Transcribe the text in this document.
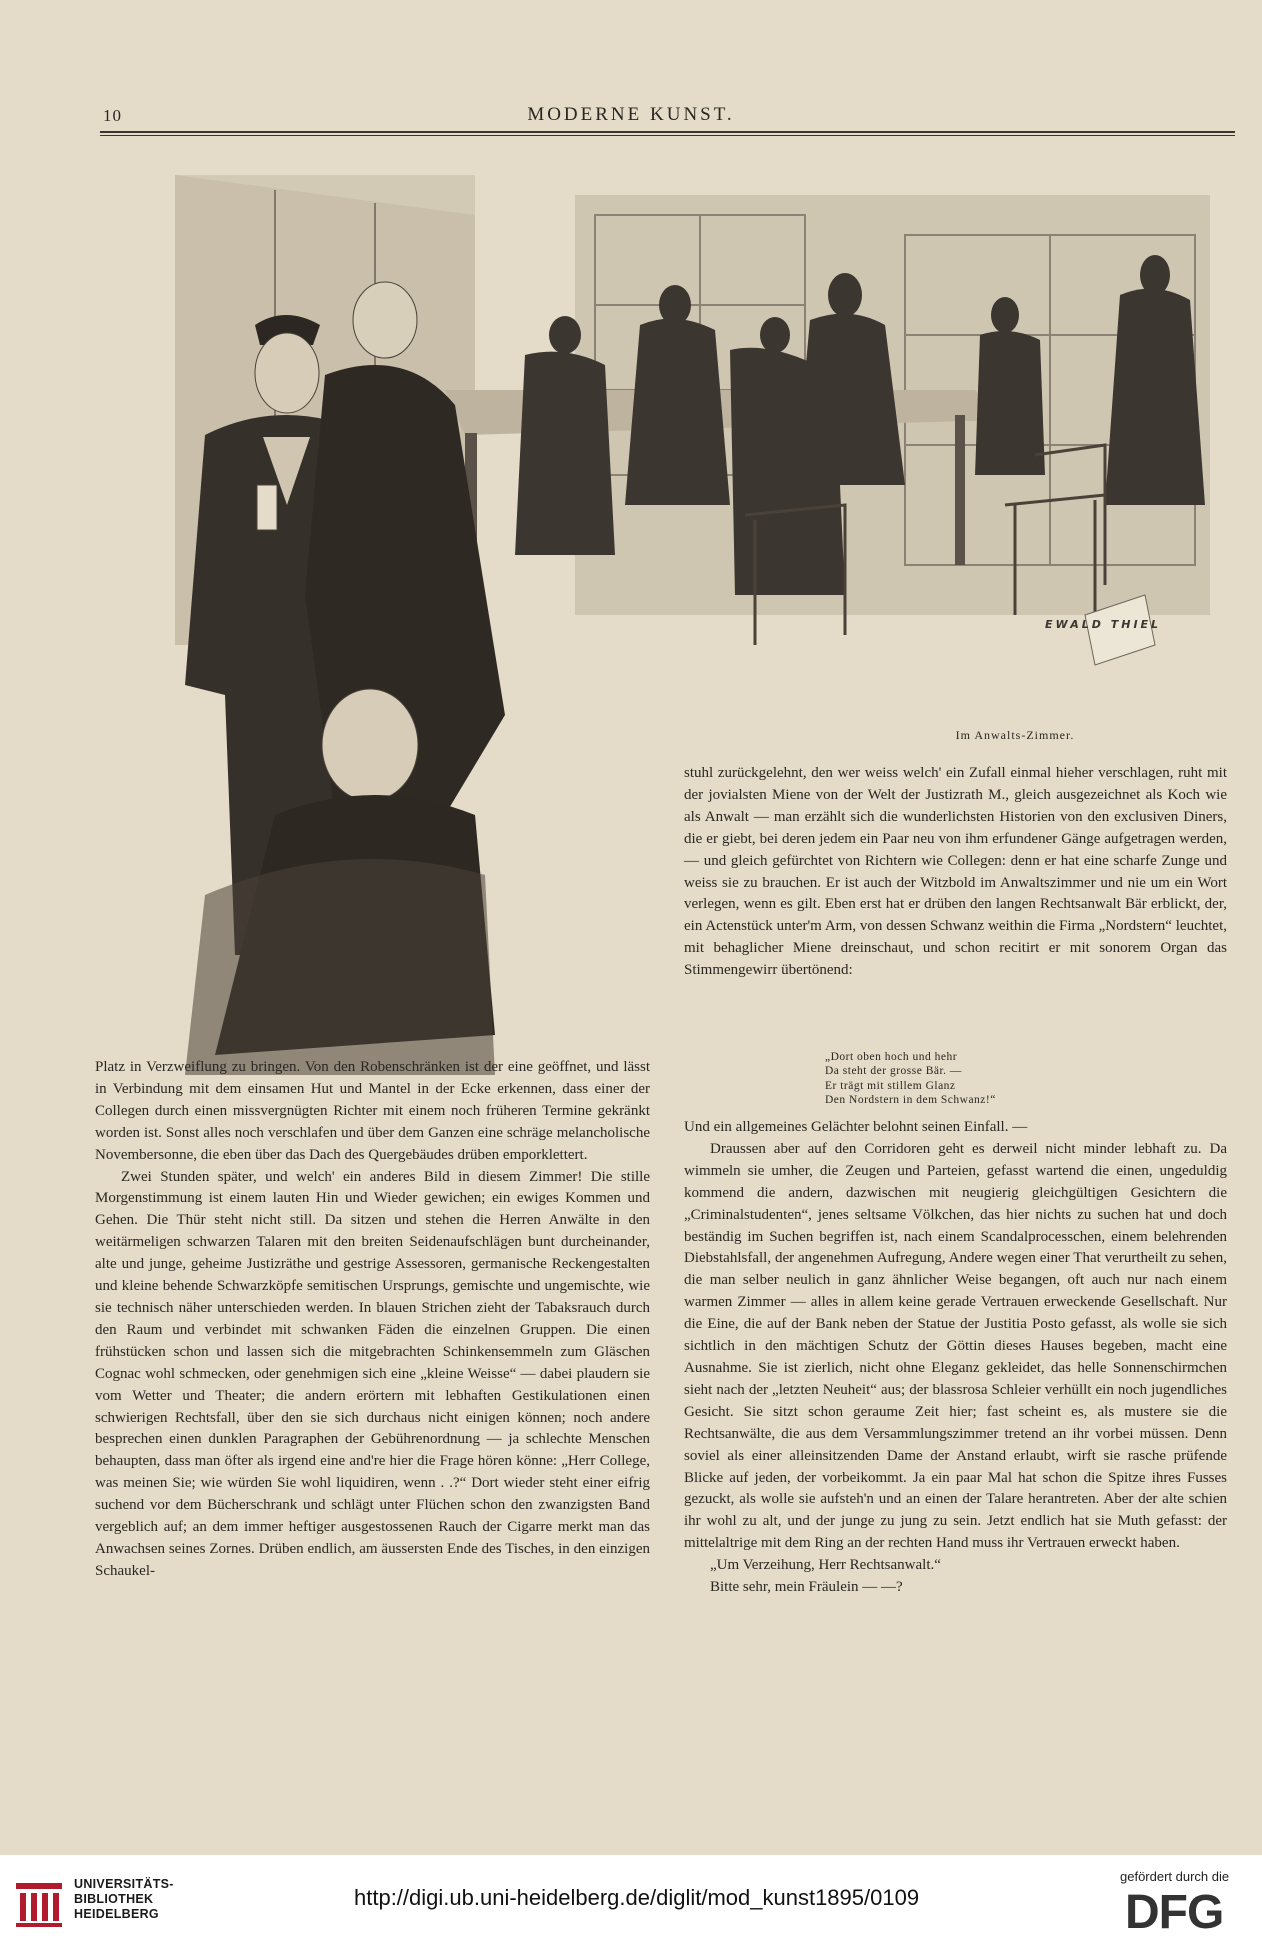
10	MODERNE KUNST.
EWALD THIEL
Im Anwalts-Zimmer.

Platz in Verzweiflung zu bringen. Von den Robenschränken ist der eine geöffnet, und lässt in Verbindung mit dem einsamen Hut und Mantel in der Ecke erkennen, dass einer der Collegen durch einen missvergnügten Richter mit einem noch früheren Termine gekränkt worden ist. Sonst alles noch verschlafen und über dem Ganzen eine schräge melancholische Novembersonne, die eben über das Dach des Quergebäudes drüben emporklettert.

Zwei Stunden später, und welch' ein anderes Bild in diesem Zimmer! Die stille Morgenstimmung ist einem lauten Hin und Wieder gewichen; ein ewiges Kommen und Gehen. Die Thür steht nicht still. Da sitzen und stehen die Herren Anwälte in den weitärmeligen schwarzen Talaren mit den breiten Seidenaufschlägen bunt durcheinander, alte und junge, geheime Justizräthe und gestrige Assessoren, germanische Reckengestalten und kleine behende Schwarzköpfe semitischen Ursprungs, gemischte und ungemischte, wie sie technisch näher unterschieden werden. In blauen Strichen zieht der Tabaksrauch durch den Raum und verbindet mit schwanken Fäden die einzelnen Gruppen. Die einen frühstücken schon und lassen sich die mitgebrachten Schinkensemmeln zum Gläschen Cognac wohl schmecken, oder genehmigen sich eine „kleine Weisse“ — dabei plaudern sie vom Wetter und Theater; die andern erörtern mit lebhaften Gestikulationen einen schwierigen Rechtsfall, über den sie sich durchaus nicht einigen können; noch andere besprechen einen dunklen Paragraphen der Gebührenordnung — ja schlechte Menschen behaupten, dass man öfter als irgend eine and're hier die Frage hören könne: „Herr College, was meinen Sie; wie würden Sie wohl liquidiren, wenn . .?“ Dort wieder steht einer eifrig suchend vor dem Bücherschrank und schlägt unter Flüchen schon den zwanzigsten Band vergeblich auf; an dem immer heftiger ausgestossenen Rauch der Cigarre merkt man das Anwachsen seines Zornes. Drüben endlich, am äussersten Ende des Tisches, in den einzigen Schaukel-

stuhl zurückgelehnt, den wer weiss welch' ein Zufall einmal hieher verschlagen, ruht mit der jovialsten Miene von der Welt der Justizrath M., gleich ausgezeichnet als Koch wie als Anwalt — man erzählt sich die wunderlichsten Historien von den exclusiven Diners, die er giebt, bei deren jedem ein Paar neu von ihm erfundener Gänge aufgetragen werden, — und gleich gefürchtet von Richtern wie Collegen: denn er hat eine scharfe Zunge und weiss sie zu brauchen. Er ist auch der Witzbold im Anwaltszimmer und nie um ein Wort verlegen, wenn es gilt. Eben erst hat er drüben den langen Rechtsanwalt Bär erblickt, der, ein Actenstück unter'm Arm, von dessen Schwanz weithin die Firma „Nordstern“ leuchtet, mit behaglicher Miene dreinschaut, und schon recitirt er mit sonorem Organ das Stimmengewirr übertönend:

„Dort oben hoch und hehr
Da steht der grosse Bär. —
Er trägt mit stillem Glanz
Den Nordstern in dem Schwanz!“

Und ein allgemeines Gelächter belohnt seinen Einfall. —

Draussen aber auf den Corridoren geht es derweil nicht minder lebhaft zu. Da wimmeln sie umher, die Zeugen und Parteien, gefasst wartend die einen, ungeduldig kommend die andern, dazwischen mit neugierig gleichgültigen Gesichtern die „Criminalstudenten“, jenes seltsame Völkchen, das hier nichts zu suchen hat und doch beständig im Suchen begriffen ist, nach einem Scandalprocesschen, einem belehrenden Diebstahlsfall, der angenehmen Aufregung, Andere wegen einer That verurtheilt zu sehen, die man selber neulich in ganz ähnlicher Weise begangen, oft auch nur nach einem warmen Zimmer — alles in allem keine gerade Vertrauen erweckende Gesellschaft. Nur die Eine, die auf der Bank neben der Statue der Justitia Posto gefasst, als wolle sie sich sichtlich in den mächtigen Schutz der Göttin dieses Hauses begeben, macht eine Ausnahme. Sie ist zierlich, nicht ohne Eleganz gekleidet, das helle Sonnenschirmchen sieht nach der „letzten Neuheit“ aus; der blassrosa Schleier verhüllt ein noch jugendliches Gesicht. Sie sitzt schon geraume Zeit hier; fast scheint es, als mustere sie die Rechtsanwälte, die aus dem Versammlungszimmer tretend an ihr vorbei müssen. Denn soviel als einer alleinsitzenden Dame der Anstand erlaubt, wirft sie rasche prüfende Blicke auf jeden, der vorbeikommt. Ja ein paar Mal hat schon die Spitze ihres Fusses gezuckt, als wolle sie aufsteh'n und an einen der Talare herantreten. Aber der alte schien ihr wohl zu alt, und der junge zu jung zu sein. Jetzt endlich hat sie Muth gefasst: der mittelaltrige mit dem Ring an der rechten Hand muss ihr Vertrauen erweckt haben.

„Um Verzeihung, Herr Rechtsanwalt.“

Bitte sehr, mein Fräulein — —?

UNIVERSITÄTS-
BIBLIOTHEK
HEIDELBERG
http://digi.ub.uni-heidelberg.de/diglit/mod_kunst1895/0109
gefördert durch die
DFG
